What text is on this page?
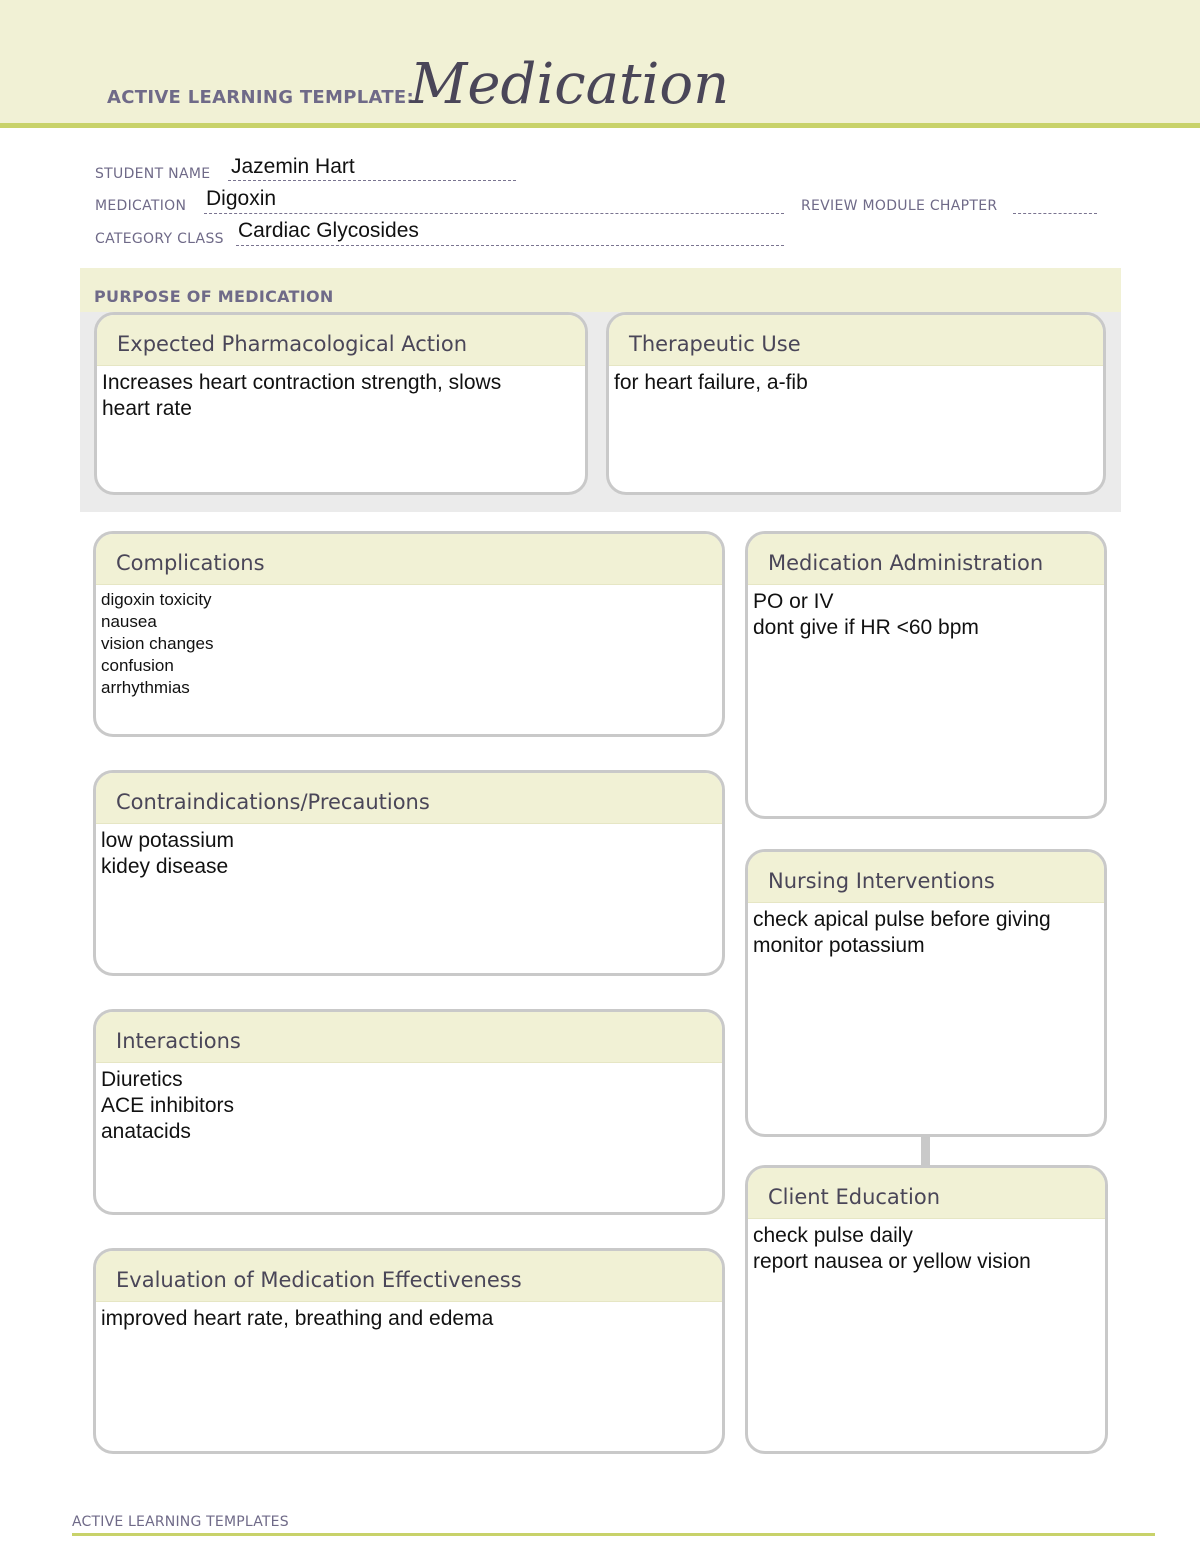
ACTIVE LEARNING TEMPLATE:
Medication
STUDENT NAME Jazemin Hart
MEDICATION Digoxin	REVIEW MODULE CHAPTER
CATEGORY CLASS Cardiac Glycosides
PURPOSE OF MEDICATION
Expected Pharmacological Action
Increases heart contraction strength, slows
heart rate
Therapeutic Use
for heart failure, a-fib
Complications
digoxin toxicity
nausea
vision changes
confusion
arrhythmias
Contraindications/Precautions
low potassium
kidey disease
Interactions
Diuretics
ACE inhibitors
anatacids
Evaluation of Medication Effectiveness
improved heart rate, breathing and edema
Medication Administration
PO or IV
dont give if HR <60 bpm
Nursing Interventions
check apical pulse before giving
monitor potassium
Client Education
check pulse daily
report nausea or yellow vision
ACTIVE LEARNING TEMPLATES
